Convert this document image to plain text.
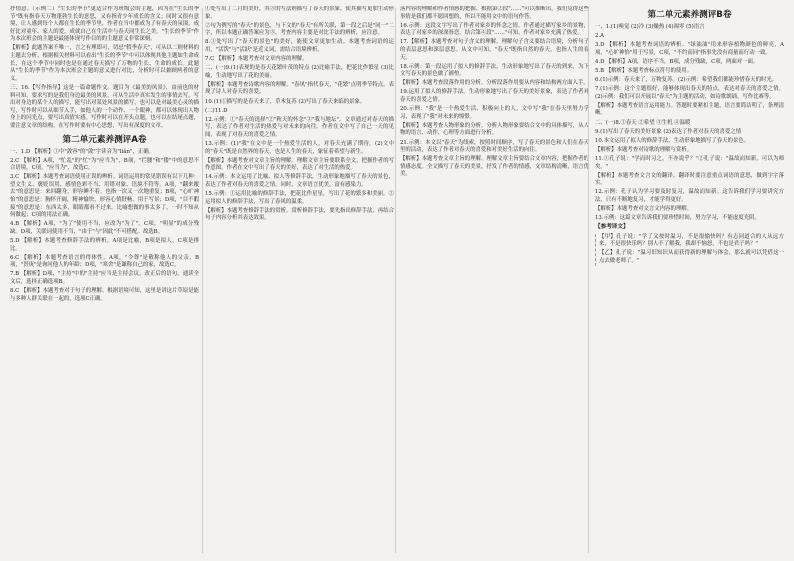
抒情意。（示例二）"生长的季节"更适合作为班级会的主题，因为在"生长的季节"既有指春天万物蓬勃生长的意思，又有指青少年成长的含义；同时又很有意境，让人感到每个人都在生长的季节里，作者在当中都成为了有春天的氛围，成好比对童年、家人的爱，成就自己在生活中与春天同生长之美。"生长的季节"作为本次班会的主题是最能体现写作目的的主题意义非常深刻。

【解析】此题答案不唯一，言之有理即可，切忌"假季春天"，可从以二则材料的主题去分析。根据相关材料可以看出"生长的季节"中可以体现其他主题如生命成长，在这个季节中同时也是在通过春天描写了万物的生长、生命的成长。此题从"生长的季节"作为本次班会主题的意义进行对比，分析时可以兼顾两者的意义。

三、16.【写作指导】这是一篇命题作文。题目为《最美的风景》，由前也的材料可知，要求写的是我们身边最美的风景。可从生活中真实发生的事情去写，写出对身边的某个人的描写，能写出对某处风景的描写，也可以是对最美心灵的描写，写作时可以从细节入手，如他人的一个动作、一个眼神，都可以体现出人物身上的闪光点，要写出真情实感。写作时可以在开头点题，也可以在结尾点题，要注意文章的结构，在写作时要有中心思想，写出有深度的文章。

第二单元素养测评A卷

一、1.D 【解析】①中"敛容"的"敛"字读音为"liǎn"，正确。

2.C 【解析】A项，"忙乱"的"忙"为"应当为"，B项，"拦腰"和"搂"中的意思不合语境，C项，"应当为"，故选C。

3.C 【解析】本题考查词语使用正误的辨析。词语运用的常见错误有以下几种：望文生义、褒贬误用、感情色彩不当、用错对象、语境不符等。A项，"翻来覆去"的意思是：来回翻身，形容睡不着。也指一次又一次地重复；B项，"心旷神怡"的意思是：胸怀开阔，精神愉快，形容心情舒畅，用于写景；D项，"目不暇接"的意思是：东西太多，眼睛都看不过来。比喻想做的事太多了，一时不知从何做起；C项的用法正确。

4.B 【解析】A项，"为了"使用不当，应改为"为了"。C项，"明显"的成分残缺。D项，关联词使用不当，"由于"与"因此"不可搭配。故选B。

5.D 【解析】本题考查修辞手法的辨析。A项是比喻，B项是拟人，C项是排比。

6.C 【解析】本题考查语言的得体性。A项，"令尊"是敬称他人的父亲，B项，"贵庚"是询问他人的年龄；D项，"寒舍"是谦称自己的家，故选C。

7.B 【解析】D项，"主持"中的"主持"应当是主持会议，改正后的语句，通读全文后，选择正确选项B。

8.C 【解析】本题考查对于句子的理解。根据语境可知，这里是讲这片草原是能与多种人群关联在一起的，选项C正确。

①处写出了二月的美好，其③的写法则描写了春天的景象，使其描写更加生动形象。

②句为例写的"春天"的景色，与下文的"春天"有所关联，第一段之后是"同一"二字，所以本题正确答案应为③，考查内容主要是对比手法的辨析，应注意。

8.①处写出了"春天的景色"的美好，能使文章更加生动。本题考查词语的运用，"活泼"与"活跃"是近义词，需结合语境辨析。

7.C 【解析】本题考查对文章内容的理解。

二、(一)9.(1)表现的是春天花繁叶茂的特点 (2)比喻手法，把花比作繁星 (3)比喻，生动地写出了花的美丽。

【解析】本题考查诗歌内容的理解。"春风"指代春天，"花繁"点明季节特点，表现了诗人对春天的喜爱。

10.(1)①描写的是春天来了，草木复苏 (2)写出了春天来临的景象。

(二)11.D

12.示例：①"春天的选择"②"秋天的怀念"③"我与地坛"。文章通过对春天的描写，表达了作者对生活的热爱与对未来的向往。作者在文中写了自己一天的见闻，表现了对春天的喜爱之情。

13.示例：(1)"我"在文中是一个热爱生活的人，对春天充满了期待。(2)文中的"春天"既是自然界的春天，也是人生的春天，象征着希望与新生。

【解析】本题考查对文章主旨的理解。理解文章主旨要联系全文，把握作者的写作意图。作者在文中写出了春天的美好，表达了对生活的热爱。

14.示例：本文运用了比喻、拟人等修辞手法，生动形象地描写了春天的景色，表达了作者对春天的喜爱之情。同时，文章语言优美，富有感染力。

15.示例：①运用比喻的修辞手法，把花比作星星，写出了花的繁多和美丽。②运用拟人的修辞手法，写出了春风的温柔。

【解析】本题考查修辞手法的赏析。赏析修辞手法，要先指出修辞手法，再结合句子内容分析其表达效果。

落内容的理解和作者情感的把握。根据第②段"……"可以推断出，我们觉得这些事情是我们都不愿回想的，所以不能用文中的语句作答。

16.示例：这段文字写出了作者对家乡的怀念之情。作者通过描写家乡的景物，表达了对家乡的深深眷恋。结合第④段"……"可知，作者对家乡充满了热爱。

17.【解析】本题考查对句子含义的理解。理解句子含义要结合语境，分析句子的表层意思和深层意思。从文中可知，"春天"既指自然的春天，也指人生的春天。

18.示例：第一段运用了拟人的修辞手法，生动形象地写出了春天的到来，为下文写春天的景色做了铺垫。

【解析】本题考查段落作用的分析。分析段落作用要从内容和结构两方面入手。

19.运用了拟人的修辞手法。生动形象地写出了春天的美好景象，表达了作者对春天的喜爱之情。

20.示例："我"是一个热爱生活、积极向上的人。文中写"我"在春天里努力学习，表现了"我"对未来的憧憬。

【解析】本题考查人物形象的分析。分析人物形象要结合文中的具体描写，从人物的语言、动作、心理等方面进行分析。

21.示例：本文以"春天"为线索，按照时间顺序，写了春天的景色和人们在春天里的活动，表达了作者对春天的喜爱和对美好生活的向往。

【解析】本题考查文章主旨的理解。理解文章主旨要结合文章内容，把握作者的情感态度。全文描写了春天的美景，抒发了作者的情感，文章结构清晰，语言优美。

第二单元素养测评B卷

一、1.(1)嗅觉 (2)冷 (3)燥热 (4)凋零 (5)语言

2.A

3.D 【解析】本题考查词语的辨析。"绿油油"用来形容植物颜色的鲜亮，A项，"心旷神怡"用于写景，C项，"不约而同"指事先没有商量而行动一致。

4.D 【解析】A项，语序不当，B项，成分残缺，C项，两面对一面。

5.B 【解析】本题考查标点符号的使用。

6.(1)示例：春天来了，万物复苏。(2)示例：希望我们都能珍惜春天的时光。

7.(1)示例：这个主题很好，能够体现出春天的特点，表达对春天的喜爱之情。(2)示例：我们可以开展以"春天"为主题的活动，如诗歌朗诵、写作比赛等。

【解析】本题考查语言运用能力。答题时要紧扣主题，语言要简洁明了，条理清晰。

二、(一)8.①春天 ②希望 ③生机 ④温暖

9.(1)写出了春天的美好景象 (2)表达了作者对春天的喜爱之情

10.本文运用了拟人的修辞手法，生动形象地描写了春天的景色。

【解析】本题考查对诗歌的理解与赏析。

11.①孔子说："学而时习之，不亦说乎？"②孔子说："温故而知新，可以为师矣。"

【解析】本题考查文言文的翻译。翻译时要注意重点词语的意思，做到字字落实。

12.示例：孔子认为学习要及时复习，温故而知新。这告诉我们学习要讲究方法，只有不断地复习，才能学得更好。

【解析】本题考查对文言文内容的理解。

13.示例：这篇文章告诉我们要珍惜时间，努力学习，不能虚度光阴。

【参考译文】

【甲】孔子说："学了又按时温习，不是很愉快吗？有志同道合的人从远方来，不是很快乐吗？别人不了解我，我却不恼怒，不也是君子吗？"

【乙】孔子说："温习旧知识从而获得新的理解与体会，那么就可以凭借这一点去做老师了。"
